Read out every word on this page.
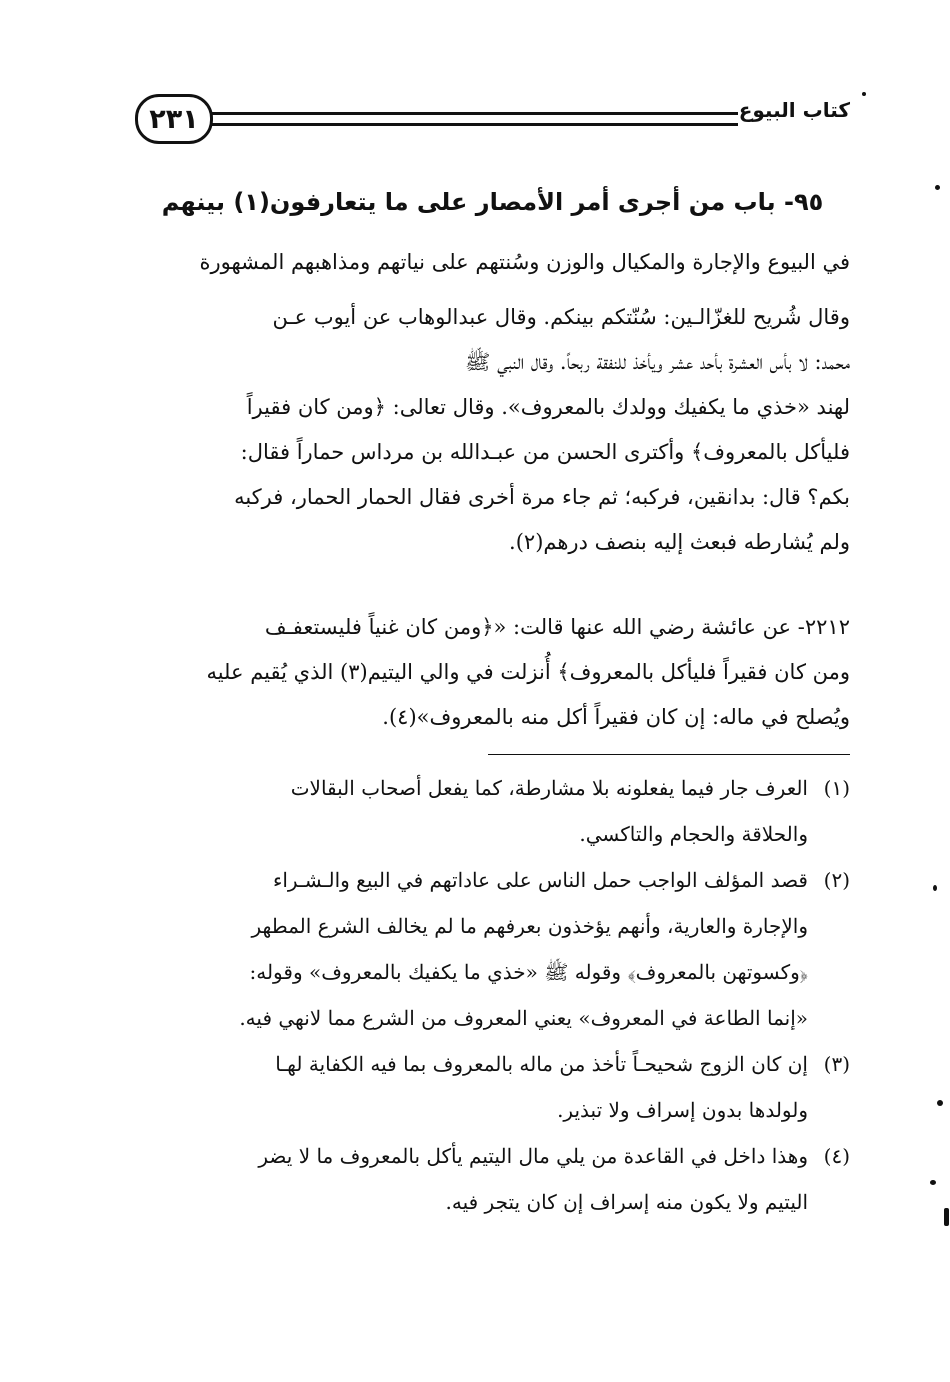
٢٣١	كتاب البيوع
٩٥- باب من أجرى أمر الأمصار على ما يتعارفون(١) بينهم

في البيوع والإجارة والمكيال والوزن وسُنتهم على نياتهم ومذاهبهم المشهورة

وقال شُريح للغزّالـين: سُنّتكم بينكم. وقال عبدالوهاب عن أيوب عـن

محمد: لا بأس العشرة بأحد عشر ويأخذ للنفقة ربحاً. وقال النبي ﷺ

لهند «خذي ما يكفيك وولدك بالمعروف». وقال تعالى: ﴿ومن كان فقيراً

فليأكل بالمعروف﴾ وأكترى الحسن من عبـدالله بن مرداس حماراً فقال:

بكم؟ قال: بدانقين، فركبه؛ ثم جاء مرة أخرى فقال الحمار الحمار، فركبه

ولم يُشارطه فبعث إليه بنصف درهم(٢).

٢٢١٢- عن عائشة رضي الله عنها قالت: «﴿ومن كان غنياً فليستعفـف

ومن كان فقيراً فليأكل بالمعروف﴾ أُنزلت في والي اليتيم(٣) الذي يُقيم عليه

ويُصلح في ماله: إن كان فقيراً أكل منه بالمعروف»(٤).

(١)
العرف جار فيما يفعلونه بلا مشارطة، كما يفعل أصحاب البقالات
والحلاقة والحجام والتاكسي.
(٢)
قصد المؤلف الواجب حمل الناس على عاداتهم في البيع والـشـراء
والإجارة والعارية، وأنهم يؤخذون بعرفهم ما لم يخالف الشرع المطهر
﴿وكسوتهن بالمعروف﴾ وقوله ﷺ «خذي ما يكفيك بالمعروف» وقوله:
«إنما الطاعة في المعروف» يعني المعروف من الشرع مما لانهي فيه.
(٣)
إن كان الزوج شحيحـاً تأخذ من ماله بالمعروف بما فيه الكفاية لهـا
ولولدها بدون إسراف ولا تبذير.
(٤)
وهذا داخل في القاعدة من يلي مال اليتيم يأكل بالمعروف ما لا يضر
اليتيم ولا يكون منه إسراف إن كان يتجر فيه.
